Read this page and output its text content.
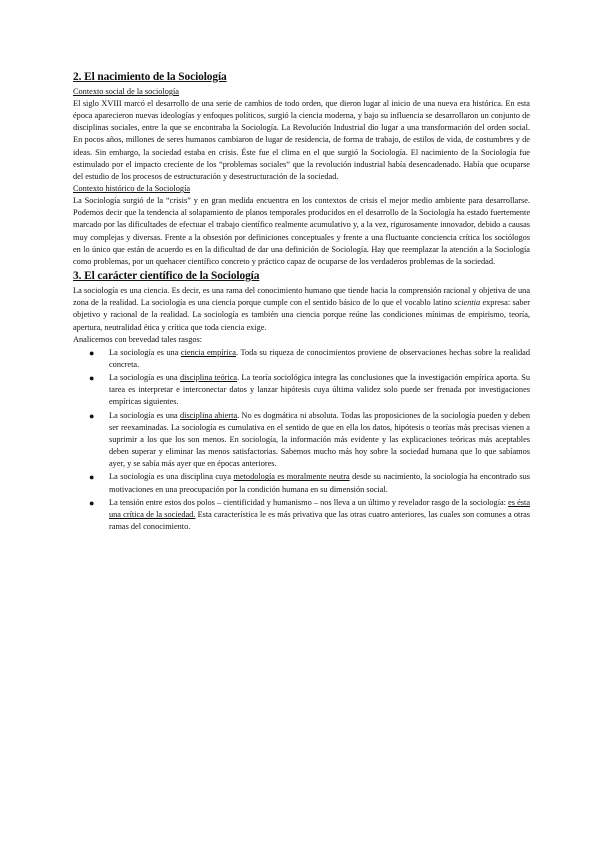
2. El nacimiento de la Sociología
Contexto social de la sociología

El siglo XVIII marcó el desarrollo de una serie de cambios de todo orden, que dieron lugar al inicio de una nueva era histórica. En esta época aparecieron nuevas ideologías y enfoques políticos, surgió la ciencia moderna, y bajo su influencia se desarrollaron un conjunto de disciplinas sociales, entre la que se encontraba la Sociología. La Revolución Industrial dio lugar a una transformación del orden social. En pocos años, millones de seres humanos cambiaron de lugar de residencia, de forma de trabajo, de estilos de vida, de costumbres y de ideas. Sin embargo, la sociedad estaba en crisis. Éste fue el clima en el que surgió la Sociología. El nacimiento de la Sociología fue estimulado por el impacto creciente de los “problemas sociales” que la revolución industrial había desencadenado. Había que ocuparse del estudio de los procesos de estructuración y desestructuración de la sociedad.

Contexto histórico de la Sociología

La Sociología surgió de la “crisis” y en gran medida encuentra en los contextos de crisis el mejor medio ambiente para desarrollarse. Podemos decir que la tendencia al solapamiento de planos temporales producidos en el desarrollo de la Sociología ha estado fuertemente marcado por las dificultades de efectuar el trabajo científico realmente acumulativo y, a la vez, rigurosamente innovador, debido a causas muy complejas y diversas. Frente a la obsesión por definiciones conceptuales y frente a una fluctuante conciencia crítica los sociólogos en lo único que están de acuerdo es en la dificultad de dar una definición de Sociología. Hay que reemplazar la atención a la Sociología como problemas, por un quehacer científico concreto y práctico capaz de ocuparse de los verdaderos problemas de la sociedad.

3. El carácter científico de la Sociología

La sociología es una ciencia. Es decir, es una rama del conocimiento humano que tiende hacia la comprensión racional y objetiva de una zona de la realidad. La sociología es una ciencia porque cumple con el sentido básico de lo que el vocablo latino scientia expresa: saber objetivo y racional de la realidad. La sociología es también una ciencia porque reúne las condiciones mínimas de empirismo, teoría, apertura, neutralidad ética y crítica que toda ciencia exige.

Analicemos con brevedad tales rasgos:
● La sociología es una ciencia empírica. Toda su riqueza de conocimientos proviene de observaciones hechas sobre la realidad concreta.
● La sociología es una disciplina teórica. La teoría sociológica integra las conclusiones que la investigación empírica aporta. Su tarea es interpretar e interconectar datos y lanzar hipótesis cuya última validez solo puede ser frenada por investigaciones empíricas siguientes.
● La sociología es una disciplina abierta. No es dogmática ni absoluta. Todas las proposiciones de la sociología pueden y deben ser reexaminadas. La sociología es cumulativa en el sentido de que en ella los datos, hipótesis o teorías más precisas vienen a suprimir a los que los son menos. En sociología, la información más evidente y las explicaciones teóricas más aceptables deben superar y eliminar las menos satisfactorias. Sabemos mucho más hoy sobre la sociedad humana que lo que sabíamos ayer, y se sabía más ayer que en épocas anteriores.
● La sociología es una disciplina cuya metodología es moralmente neutra desde su nacimiento, la sociología ha encontrado sus motivaciones en una preocupación por la condición humana en su dimensión social.
● La tensión entre estos dos polos – cientificidad y humanismo – nos lleva a un último y revelador rasgo de la sociología: es ésta una crítica de la sociedad. Esta característica le es más privativa que las otras cuatro anteriores, las cuales son comunes a otras ramas del conocimiento.
